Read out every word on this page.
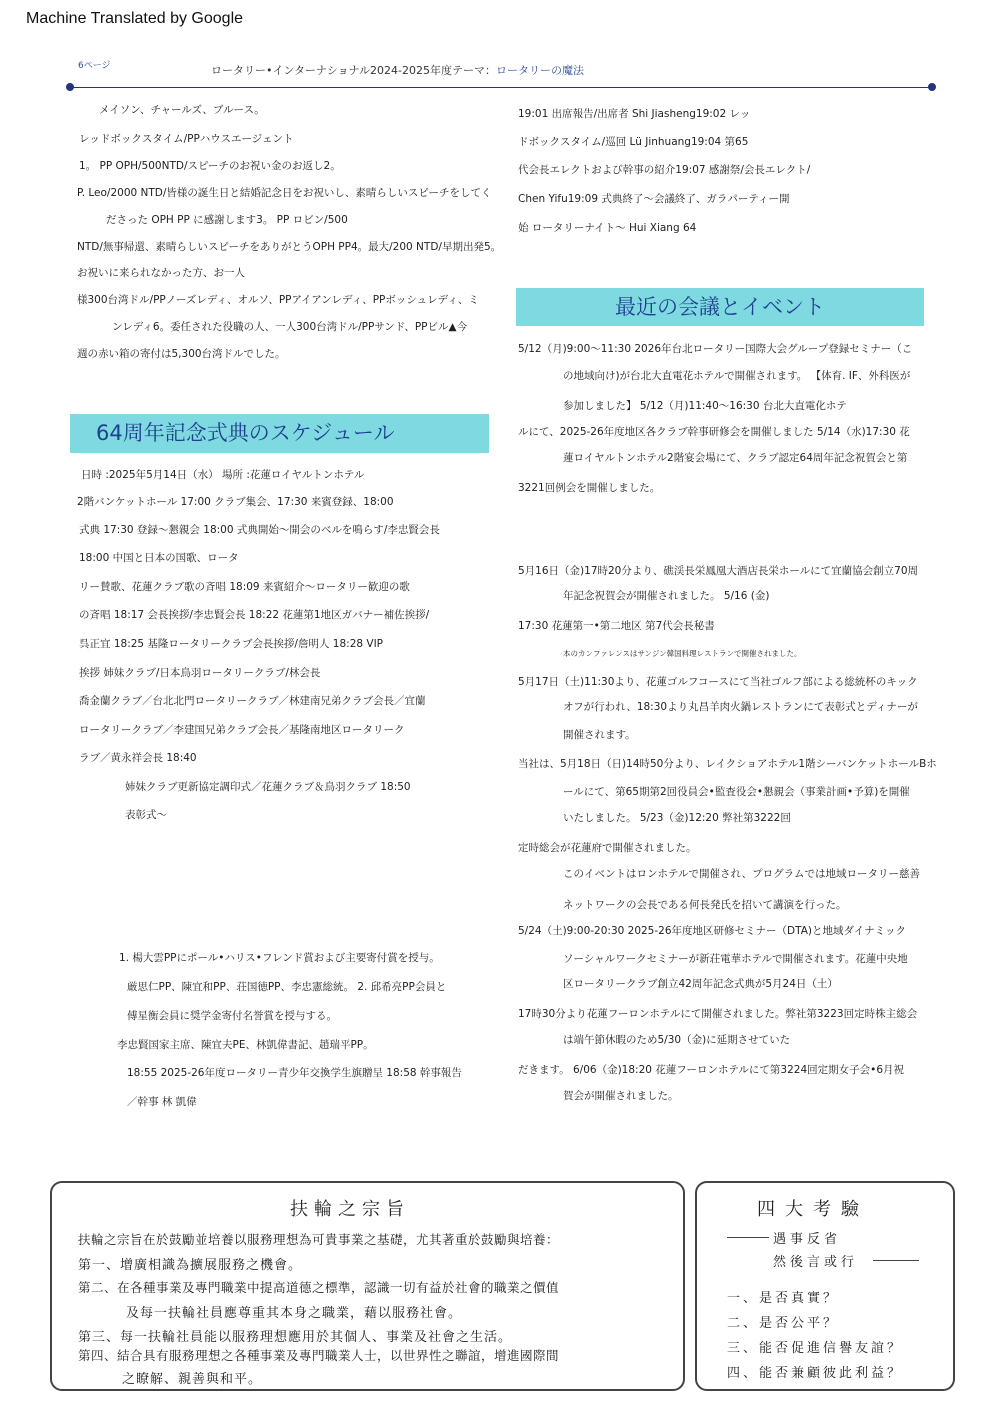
Machine Translated by Google
6ページ	ロータリー•インターナショナル2024-2025年度テーマ：ロータリーの魔法
メイソン、チャールズ、ブルース。
レッドボックスタイム/PPハウスエージェント
1。 PP OPH/500NTD/スピーチのお祝い金のお返し2。
P. Leo/2000 NTD/皆様の誕生日と結婚記念日をお祝いし、素晴らしいスピーチをしてく
ださった OPH PP に感謝します3。 PP ロビン/500
NTD/無事帰還、素晴らしいスピーチをありがとうOPH PP4。最大/200 NTD/早期出発5。
お祝いに来られなかった方、お一人
様300台湾ドル/PPノーズレディ、オルソ、PPアイアンレディ、PPボッシュレディ、ミ
ンレディ6。委任された役職の人、一人300台湾ドル/PPサンド、PPビル▲今
週の赤い箱の寄付は5,300台湾ドルでした。
64周年記念式典のスケジュール
日時 :2025年5月14日（水） 場所 :花蓮ロイヤルトンホテル
2階バンケットホール 17:00 クラブ集会、17:30 来賓登録、18:00
式典 17:30 登録～懇親会 18:00 式典開始～開会のベルを鳴らす/李忠賢会長
18:00 中国と日本の国歌、ロータ
リー賛歌、花蓮クラブ歌の斉唱 18:09 来賓紹介～ロータリー歓迎の歌
の斉唱 18:17 会長挨拶/李忠賢会長 18:22 花蓮第1地区ガバナー補佐挨拶/
呉正宜 18:25 基隆ロータリークラブ会長挨拶/詹明人 18:28 VIP
挨拶 姉妹クラブ/日本鳥羽ロータリークラブ/林会長
喬金蘭クラブ／台北北門ロータリークラブ／林建南兄弟クラブ会長／宜蘭
ロータリークラブ／李建国兄弟クラブ会長／基隆南地区ロータリーク
ラブ／黄永祥会長 18:40
姉妹クラブ更新協定調印式／花蓮クラブ＆鳥羽クラブ 18:50
表彰式～
1. 楊大雲PPにポール•ハリス•フレンド賞および主要寄付賞を授与。
厳思仁PP、陳宜和PP、荘国徳PP、李忠憲総統。 2. 邱希亮PP会員と
傅星衡会員に奨学金寄付名誉賞を授与する。
李忠賢国家主席、陳宜夫PE、林凱偉書記、趙瑞平PP。
18:55 2025-26年度ロータリー青少年交換学生旗贈呈 18:58 幹事報告
／幹事 林 凱偉
19:01 出席報告/出席者 Shi Jiasheng19:02 レッ
ドボックスタイム/巡回 Lü Jinhuang19:04 第65
代会長エレクトおよび幹事の紹介19:07 感謝祭/会長エレクト/
Chen Yifu19:09 式典終了～会議終了、ガラパーティー開
始 ロータリーナイト～ Hui Xiang 64
最近の会議とイベント
5/12（月)9:00～11:30 2026年台北ロータリー国際大会グループ登録セミナー（こ
の地域向け)が台北大直電花ホテルで開催されます。 【体育. IF、外科医が
参加しました】 5/12（月)11:40～16:30 台北大直電化ホテ
ルにて、2025-26年度地区各クラブ幹事研修会を開催しました 5/14（水)17:30 花
蓮ロイヤルトンホテル2階宴会場にて、クラブ認定64周年記念祝賀会と第
3221回例会を開催しました。
5月16日（金)17時20分より、礁渓長栄鳳凰大酒店長栄ホールにて宜蘭協会創立70周
年記念祝賀会が開催されました。 5/16 (金)
17:30 花蓮第一•第二地区 第7代会長秘書
本のカンファレンスはサンジン韓国料理レストランで開催されました。
5月17日（土)11:30より、花蓮ゴルフコースにて当社ゴルフ部による総統杯のキック
オフが行われ、18:30より丸昌羊肉火鍋レストランにて表彰式とディナーが
開催されます。
当社は、5月18日（日)14時50分より、レイクショアホテル1階シーバンケットホールBホ
ールにて、第65期第2回役員会•監査役会•懇親会（事業計画•予算)を開催
いたしました。 5/23（金)12:20 弊社第3222回
定時総会が花蓮府で開催されました。
このイベントはロンホテルで開催され、プログラムでは地域ロータリー慈善
ネットワークの会長である何長発氏を招いて講演を行った。
5/24（土)9:00-20:30 2025-26年度地区研修セミナー（DTA)と地域ダイナミック
ソーシャルワークセミナーが新荘電華ホテルで開催されます。花蓮中央地
区ロータリークラブ創立42周年記念式典が5月24日（土）
17時30分より花蓮フーロンホテルにて開催されました。弊社第3223回定時株主総会
は端午節休暇のため5/30（金)に延期させていた
だきます。 6/06（金)18:20 花蓮フーロンホテルにて第3224回定期女子会•6月祝
賀会が開催されました。
扶輪之宗旨
扶輪之宗旨在於鼓勵並培養以服務理想為可貴事業之基礎，尤其著重於鼓勵與培養：
第一、增廣相識為擴展服務之機會。
第二、在各種事業及專門職業中提高道德之標準，認識一切有益於社會的職業之價值
及每一扶輪社員應尊重其本身之職業，藉以服務社會。
第三、每一扶輪社員能以服務理想應用於其個人、事業及社會之生活。
第四、結合具有服務理想之各種事業及專門職業人士，以世界性之聯誼，增進國際間
之瞭解、親善與和平。
四大考驗
遇事反省
然後言或行
一、是否真實？
二、是否公平？
三、能否促進信譽友誼？
四、能否兼顧彼此利益？
